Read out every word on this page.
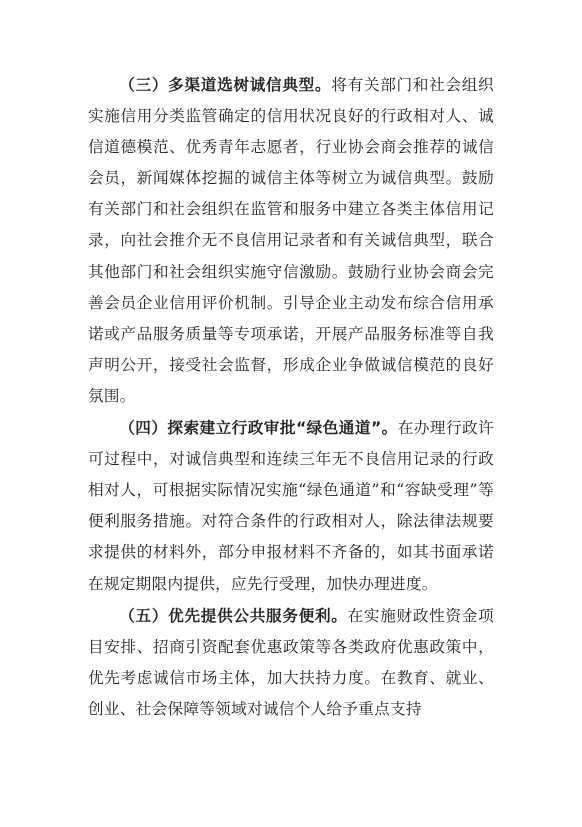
（三）多渠道选树诚信典型。将有关部门和社会组织实施信用分类监管确定的信用状况良好的行政相对人、诚信道德模范、优秀青年志愿者，行业协会商会推荐的诚信会员，新闻媒体挖掘的诚信主体等树立为诚信典型。鼓励有关部门和社会组织在监管和服务中建立各类主体信用记录，向社会推介无不良信用记录者和有关诚信典型，联合其他部门和社会组织实施守信激励。鼓励行业协会商会完善会员企业信用评价机制。引导企业主动发布综合信用承诺或产品服务质量等专项承诺，开展产品服务标准等自我声明公开，接受社会监督，形成企业争做诚信模范的良好氛围。

（四）探索建立行政审批“绿色通道”。在办理行政许可过程中，对诚信典型和连续三年无不良信用记录的行政相对人，可根据实际情况实施“绿色通道”和“容缺受理”等便利服务措施。对符合条件的行政相对人，除法律法规要求提供的材料外，部分申报材料不齐备的，如其书面承诺在规定期限内提供，应先行受理，加快办理进度。

（五）优先提供公共服务便利。在实施财政性资金项目安排、招商引资配套优惠政策等各类政府优惠政策中，优先考虑诚信市场主体，加大扶持力度。在教育、就业、创业、社会保障等领域对诚信个人给予重点支持
